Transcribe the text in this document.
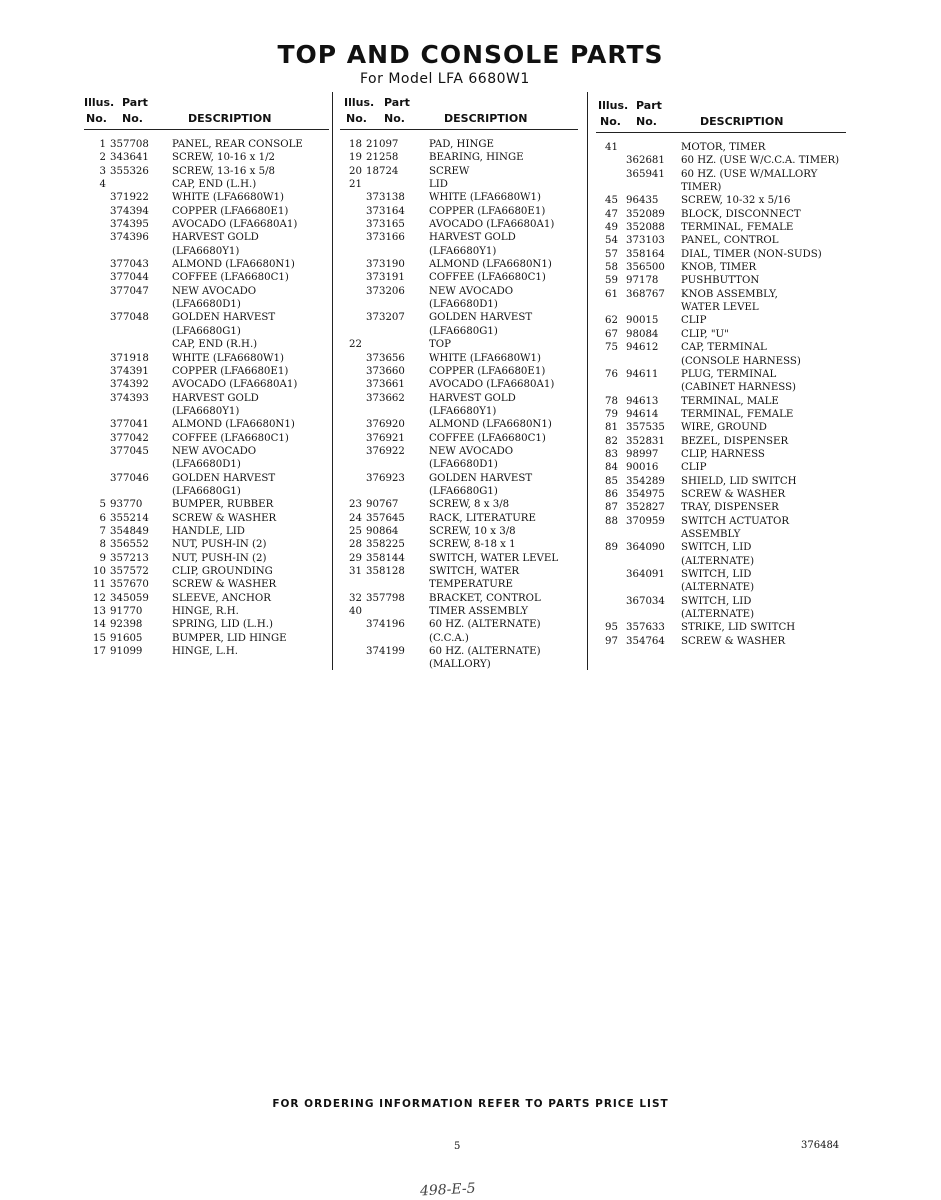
TOP AND CONSOLE PARTS
For Model LFA 6680W1
Illus. Part
No. No.	DESCRIPTION
1 357708	PANEL, REAR CONSOLE
2 343641	SCREW, 10-16 x 1/2
3 355326	SCREW, 13-16 x 5/8
4	CAP, END (L.H.)
371922	WHITE (LFA6680W1)
374394	COPPER (LFA6680E1)
374395	AVOCADO (LFA6680A1)
374396	HARVEST GOLD
(LFA6680Y1)
377043	ALMOND (LFA6680N1)
377044	COFFEE (LFA6680C1)
377047	NEW AVOCADO
(LFA6680D1)
377048	GOLDEN HARVEST
(LFA6680G1)
CAP, END (R.H.)
371918	WHITE (LFA6680W1)
374391	COPPER (LFA6680E1)
374392	AVOCADO (LFA6680A1)
374393	HARVEST GOLD
(LFA6680Y1)
377041	ALMOND (LFA6680N1)
377042	COFFEE (LFA6680C1)
377045	NEW AVOCADO
(LFA6680D1)
377046	GOLDEN HARVEST
(LFA6680G1)
5 93770	BUMPER, RUBBER
6 355214	SCREW & WASHER
7 354849	HANDLE, LID
8 356552	NUT, PUSH-IN (2)
9 357213	NUT, PUSH-IN (2)
10 357572	CLIP, GROUNDING
11 357670	SCREW & WASHER
12 345059	SLEEVE, ANCHOR
13 91770	HINGE, R.H.
14 92398	SPRING, LID (L.H.)
15 91605	BUMPER, LID HINGE
17 91099	HINGE, L.H.
Illus. Part
No. No.	DESCRIPTION
18 21097	PAD, HINGE
19 21258	BEARING, HINGE
20 18724	SCREW
21	LID
373138	WHITE (LFA6680W1)
373164	COPPER (LFA6680E1)
373165	AVOCADO (LFA6680A1)
373166	HARVEST GOLD
(LFA6680Y1)
373190	ALMOND (LFA6680N1)
373191	COFFEE (LFA6680C1)
373206	NEW AVOCADO
(LFA6680D1)
373207	GOLDEN HARVEST
(LFA6680G1)
22	TOP
373656	WHITE (LFA6680W1)
373660	COPPER (LFA6680E1)
373661	AVOCADO (LFA6680A1)
373662	HARVEST GOLD
(LFA6680Y1)
376920	ALMOND (LFA6680N1)
376921	COFFEE (LFA6680C1)
376922	NEW AVOCADO
(LFA6680D1)
376923	GOLDEN HARVEST
(LFA6680G1)
23 90767	SCREW, 8 x 3/8
24 357645	RACK, LITERATURE
25 90864	SCREW, 10 x 3/8
28 358225	SCREW, 8-18 x 1
29 358144	SWITCH, WATER LEVEL
31 358128	SWITCH, WATER
TEMPERATURE
32 357798	BRACKET, CONTROL
40	TIMER ASSEMBLY
374196	60 HZ. (ALTERNATE)
(C.C.A.)
374199	60 HZ. (ALTERNATE)
(MALLORY)
Illus. Part
No. No.	DESCRIPTION
41	MOTOR, TIMER
362681	60 HZ. (USE W/C.C.A. TIMER)
365941	60 HZ. (USE W/MALLORY
TIMER)
45 96435	SCREW, 10-32 x 5/16
47 352089	BLOCK, DISCONNECT
49 352088	TERMINAL, FEMALE
54 373103	PANEL, CONTROL
57 358164	DIAL, TIMER (NON-SUDS)
58 356500	KNOB, TIMER
59 97178	PUSHBUTTON
61 368767	KNOB ASSEMBLY,
WATER LEVEL
62 90015	CLIP
67 98084	CLIP, "U"
75 94612	CAP, TERMINAL
(CONSOLE HARNESS)
76 94611	PLUG, TERMINAL
(CABINET HARNESS)
78 94613	TERMINAL, MALE
79 94614	TERMINAL, FEMALE
81 357535	WIRE, GROUND
82 352831	BEZEL, DISPENSER
83 98997	CLIP, HARNESS
84 90016	CLIP
85 354289	SHIELD, LID SWITCH
86 354975	SCREW & WASHER
87 352827	TRAY, DISPENSER
88 370959	SWITCH ACTUATOR
ASSEMBLY
89 364090	SWITCH, LID
(ALTERNATE)
364091	SWITCH, LID
(ALTERNATE)
367034	SWITCH, LID
(ALTERNATE)
95 357633	STRIKE, LID SWITCH
97 354764	SCREW & WASHER
FOR ORDERING INFORMATION REFER TO PARTS PRICE LIST
5	376484
498-E-5
